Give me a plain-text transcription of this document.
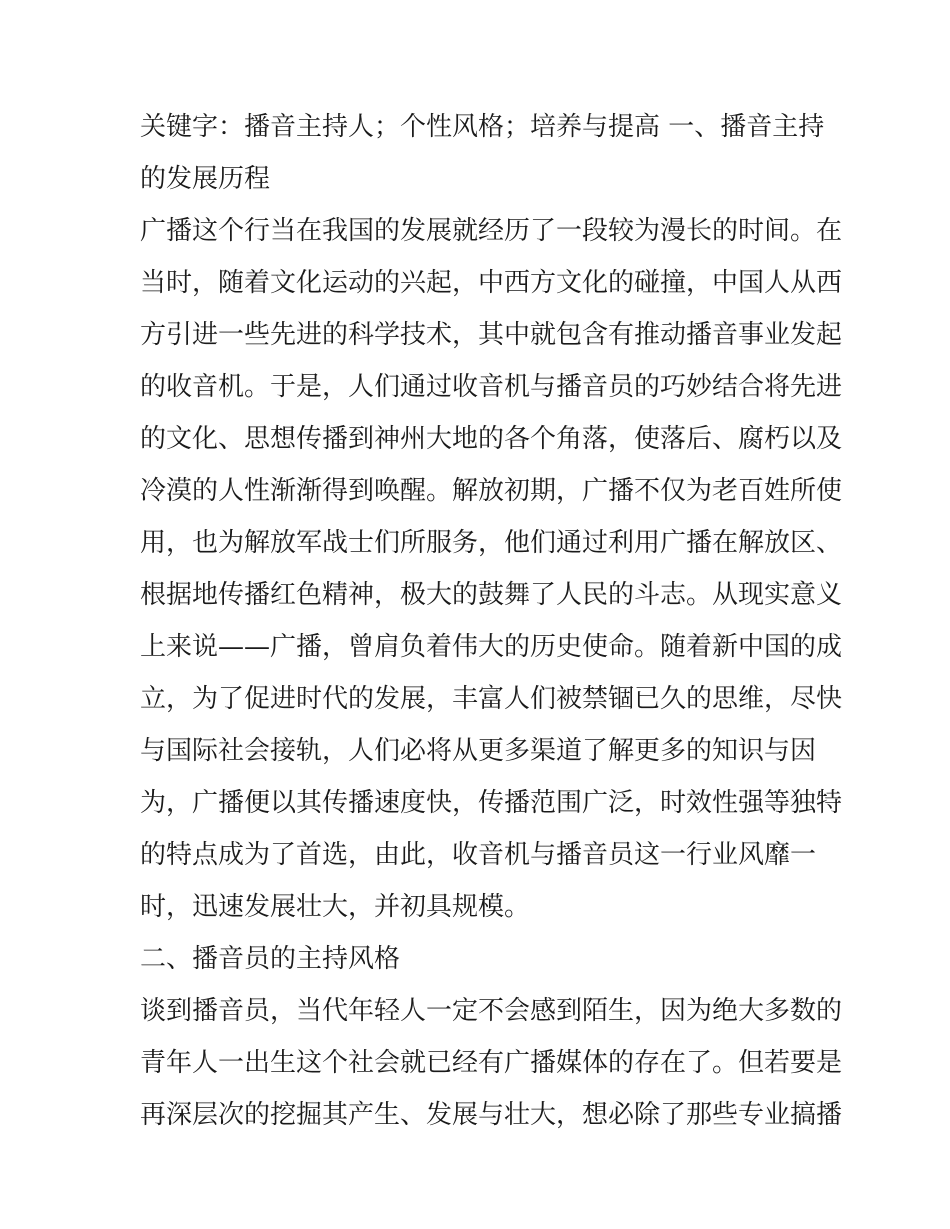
关键字：播音主持人；个性风格；培养与提高 一、播音主持
的发展历程
广播这个行当在我国的发展就经历了一段较为漫长的时间。在
当时，随着文化运动的兴起，中西方文化的碰撞，中国人从西
方引进一些先进的科学技术，其中就包含有推动播音事业发起
的收音机。于是，人们通过收音机与播音员的巧妙结合将先进
的文化、思想传播到神州大地的各个角落，使落后、腐朽以及
冷漠的人性渐渐得到唤醒。解放初期，广播不仅为老百姓所使
用，也为解放军战士们所服务，他们通过利用广播在解放区、
根据地传播红色精神，极大的鼓舞了人民的斗志。从现实意义
上来说——广播，曾肩负着伟大的历史使命。随着新中国的成
立，为了促进时代的发展，丰富人们被禁锢已久的思维，尽快
与国际社会接轨，人们必将从更多渠道了解更多的知识与因
为，广播便以其传播速度快，传播范围广泛，时效性强等独特
的特点成为了首选，由此，收音机与播音员这一行业风靡一
时，迅速发展壮大，并初具规模。
二、播音员的主持风格
谈到播音员，当代年轻人一定不会感到陌生，因为绝大多数的
青年人一出生这个社会就已经有广播媒体的存在了。但若要是
再深层次的挖掘其产生、发展与壮大，想必除了那些专业搞播
